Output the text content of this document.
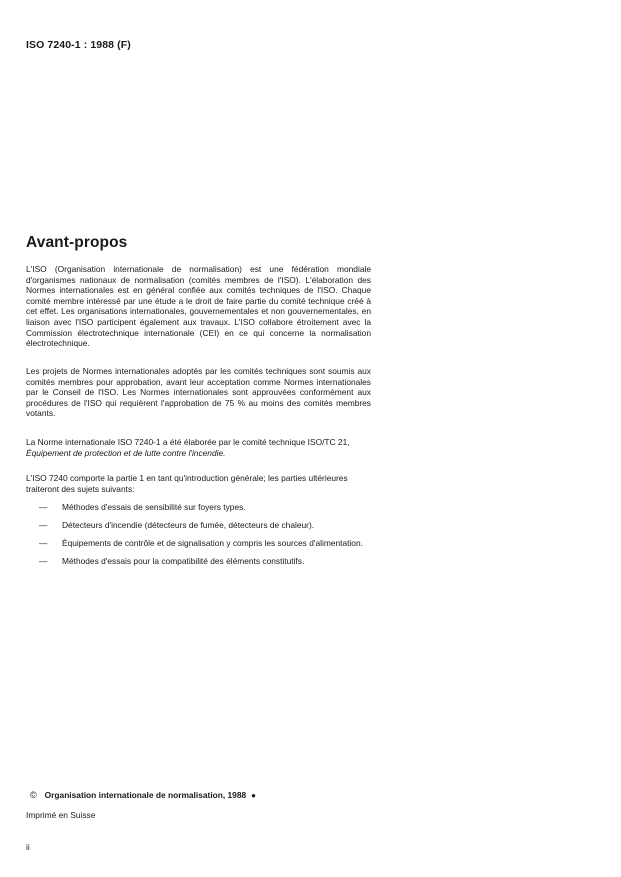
ISO 7240-1 : 1988 (F)
Avant-propos

L'ISO (Organisation internationale de normalisation) est une fédération mondiale d'organismes nationaux de normalisation (comités membres de l'ISO). L'élaboration des Normes internationales est en général confiée aux comités techniques de l'ISO. Chaque comité membre intéressé par une étude a le droit de faire partie du comité technique créé à cet effet. Les organisations internationales, gouvernementales et non gouvernementales, en liaison avec l'ISO participent également aux travaux. L'ISO collabore étroitement avec la Commission électrotechnique internationale (CEI) en ce qui concerne la normalisation électrotechnique.

Les projets de Normes internationales adoptés par les comités techniques sont soumis aux comités membres pour approbation, avant leur acceptation comme Normes internationales par le Conseil de l'ISO. Les Normes internationales sont approuvées conformément aux procédures de l'ISO qui requièrent l'approbation de 75 % au moins des comités membres votants.

La Norme internationale ISO 7240-1 a été élaborée par le comité technique ISO/TC 21,
Équipement de protection et de lutte contre l'incendie.

L'ISO 7240 comporte la partie 1 en tant qu'introduction générale; les parties ultérieures traiteront des sujets suivants:

— Méthodes d'essais de sensibilité sur foyers types.
— Détecteurs d'incendie (détecteurs de fumée, détecteurs de chaleur).
— Équipements de contrôle et de signalisation y compris les sources d'alimentation.
— Méthodes d'essais pour la compatibilité des éléments constitutifs.
© Organisation internationale de normalisation, 1988 ●
Imprimé en Suisse
ii
